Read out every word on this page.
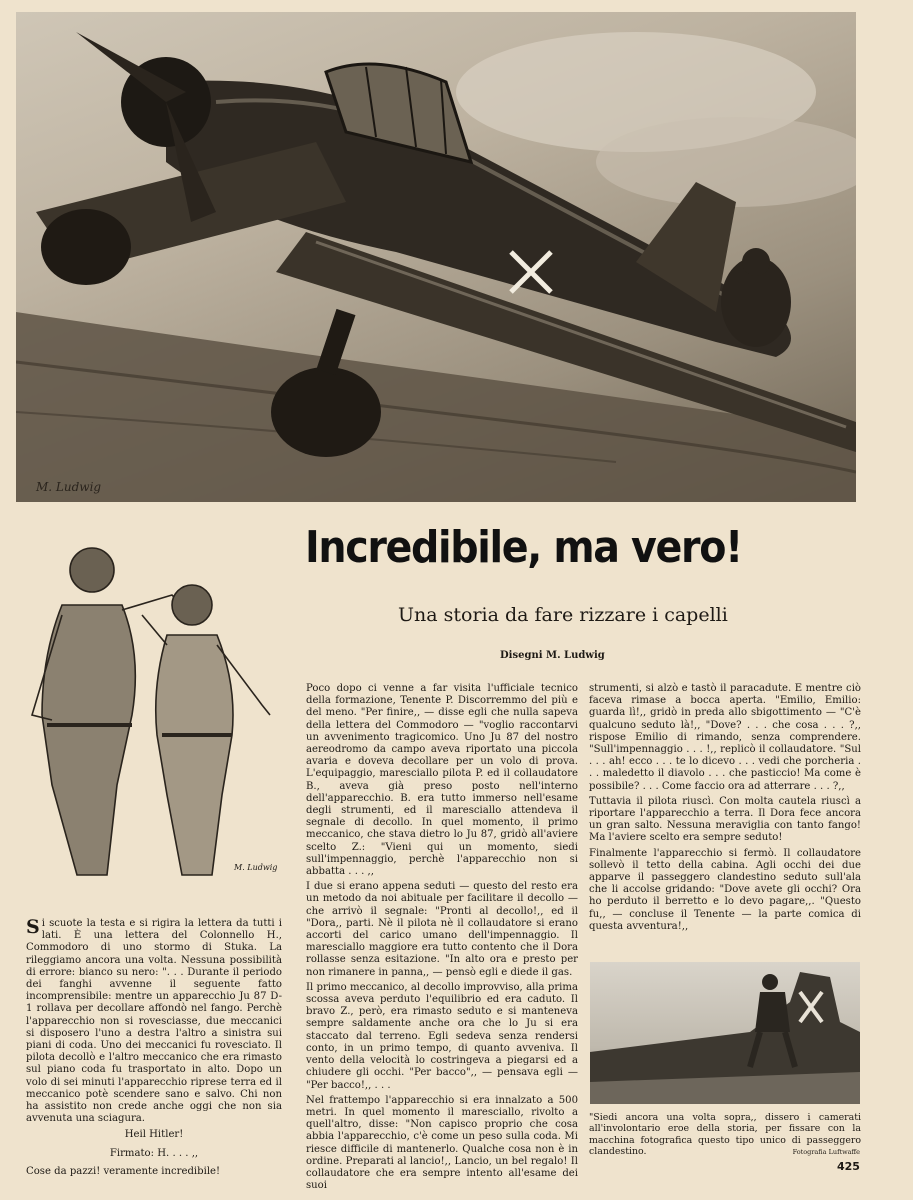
M. Ludwig
Incredibile, ma vero!
Una storia da fare rizzare i capelli
Disegni M. Ludwig
M. Ludwig

Si scuote la testa e si rigira la lettera da tutti i lati. È una lettera del Colonnello H., Commodoro di uno stormo di Stuka. La rileggiamo ancora una volta. Nessuna possibilità di errore: bianco su nero: ". . . Durante il periodo dei fanghi avvenne il seguente fatto incomprensibile: mentre un apparecchio Ju 87 D-1 rollava per decollare affondò nel fango. Perchè l'apparecchio non si rovesciasse, due meccanici si disposero l'uno a destra l'altro a sinistra sui piani di coda. Uno dei meccanici fu rovesciato. Il pilota decollò e l'altro meccanico che era rimasto sul piano coda fu trasportato in alto. Dopo un volo di sei minuti l'apparecchio riprese terra ed il meccanico potè scendere sano e salvo. Chi non ha assistito non crede anche oggi che non sia avvenuta una sciagura.

Heil Hitler!
Firmato: H. . . . ,,

Cose da pazzi! veramente incredibile!

Poco dopo ci venne a far visita l'ufficiale tecnico della formazione, Tenente P. Discorremmo del più e del meno. "Per finire,, — disse egli che nulla sapeva della lettera del Commodoro — "voglio raccontarvi un avvenimento tragicomico. Uno Ju 87 del nostro aereodromo da campo aveva riportato una piccola avaria e doveva decollare per un volo di prova. L'equipaggio, maresciallo pilota P. ed il collaudatore B., aveva già preso posto nell'interno dell'apparecchio. B. era tutto immerso nell'esame degli strumenti, ed il maresciallo attendeva il segnale di decollo. In quel momento, il primo meccanico, che stava dietro lo Ju 87, gridò all'aviere scelto Z.: "Vieni qui un momento, siedi sull'impennaggio, perchè l'apparecchio non si abbatta . . . ,,

I due si erano appena seduti — questo del resto era un metodo da noi abituale per facilitare il decollo — che arrivò il segnale: "Pronti al decollo!,, ed il "Dora,, parti. Nè il pilota nè il collaudatore si erano accorti del carico umano dell'impennaggio. Il maresciallo maggiore era tutto contento che il Dora rollasse senza esitazione. "In alto ora e presto per non rimanere in panna,, — pensò egli e diede il gas.

Il primo meccanico, al decollo improvviso, alla prima scossa aveva perduto l'equilibrio ed era caduto. Il bravo Z., però, era rimasto seduto e si manteneva sempre saldamente anche ora che lo Ju si era staccato dal terreno. Egli sedeva senza rendersi conto, in un primo tempo, di quanto avveniva. Il vento della velocità lo costringeva a piegarsi ed a chiudere gli occhi. "Per bacco",, — pensava egli — "Per bacco!,, . . .

Nel frattempo l'apparecchio si era innalzato a 500 metri. In quel momento il maresciallo, rivolto a quell'altro, disse: "Non capisco proprio che cosa abbia l'apparecchio, c'è come un peso sulla coda. Mi riesce difficile di mantenerlo. Qualche cosa non è in ordine. Preparati al lancio!,, Lancio, un bel regalo! Il collaudatore che era sempre intento all'esame dei suoi

strumenti, si alzò e tastò il paracadute. E mentre ciò faceva rimase a bocca aperta. "Emilio, Emilio: guarda lì!,, gridò in preda allo sbigottimento — "C'è qualcuno seduto là!,, "Dove? . . . che cosa . . . ?,, rispose Emilio di rimando, senza comprendere. "Sull'impennaggio . . . !,, replicò il collaudatore. "Sul . . . ah! ecco . . . te lo dicevo . . . vedi che porcheria . . . maledetto il diavolo . . . che pasticcio! Ma come è possibile? . . . Come faccio ora ad atterrare . . . ?,,

Tuttavia il pilota riuscì. Con molta cautela riuscì a riportare l'apparecchio a terra. Il Dora fece ancora un gran salto. Nessuna meraviglia con tanto fango! Ma l'aviere scelto era sempre seduto!

Finalmente l'apparecchio si fermò. Il collaudatore sollevò il tetto della cabina. Agli occhi dei due apparve il passeggero clandestino seduto sull'ala che li accolse gridando: "Dove avete gli occhi? Ora ho perduto il berretto e lo devo pagare,,. "Questo fu,, — concluse il Tenente — la parte comica di questa avventura!,,

"Siedi ancora una volta sopra,, dissero i camerati all'involontario eroe della storia, per fissare con la macchina fotografica questo tipo unico di passeggero clandestino.	Fotografia Luftwaffe
425
